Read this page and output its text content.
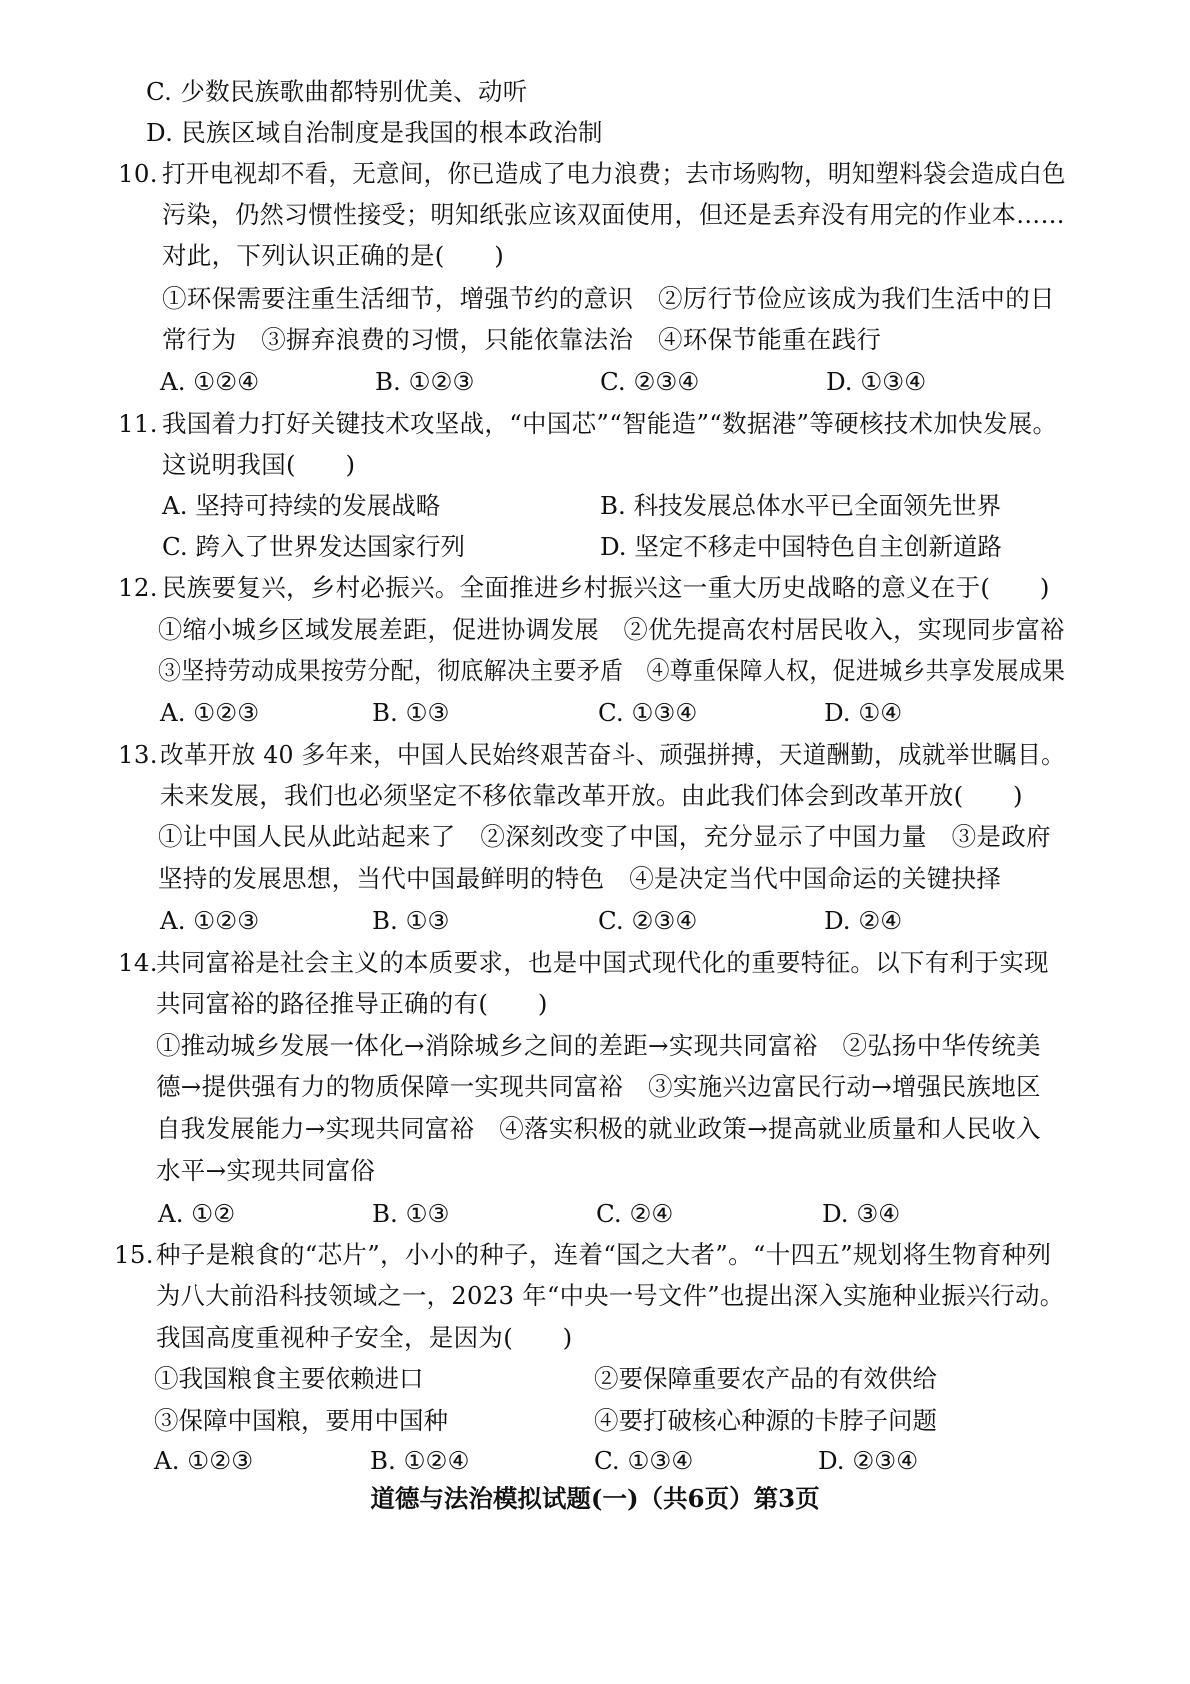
C. 少数民族歌曲都特别优美、动听
D. 民族区域自治制度是我国的根本政治制
10. 打开电视却不看，无意间，你已造成了电力浪费；去市场购物，明知塑料袋会造成白色
污染，仍然习惯性接受；明知纸张应该双面使用，但还是丢弃没有用完的作业本……
对此，下列认识正确的是(　　)
①环保需要注重生活细节，增强节约的意识　②厉行节俭应该成为我们生活中的日
常行为　③摒弃浪费的习惯，只能依靠法治　④环保节能重在践行
A. ①②④	B. ①②③	C. ②③④	D. ①③④
11. 我国着力打好关键技术攻坚战，“中国芯”“智能造”“数据港”等硬核技术加快发展。
这说明我国(　　)
A. 坚持可持续的发展战略	B. 科技发展总体水平已全面领先世界
C. 跨入了世界发达国家行列	D. 坚定不移走中国特色自主创新道路
12. 民族要复兴，乡村必振兴。全面推进乡村振兴这一重大历史战略的意义在于(　　)
①缩小城乡区域发展差距，促进协调发展　②优先提高农村居民收入，实现同步富裕
③坚持劳动成果按劳分配，彻底解决主要矛盾　④尊重保障人权，促进城乡共享发展成果
A. ①②③	B. ①③	C. ①③④	D. ①④
13. 改革开放 40 多年来，中国人民始终艰苦奋斗、顽强拼搏，天道酬勤，成就举世瞩目。
未来发展，我们也必须坚定不移依靠改革开放。由此我们体会到改革开放(　　)
①让中国人民从此站起来了　②深刻改变了中国，充分显示了中国力量　③是政府
坚持的发展思想，当代中国最鲜明的特色　④是决定当代中国命运的关键抉择
A. ①②③	B. ①③	C. ②③④	D. ②④
14.
共同富裕是社会主义的本质要求，也是中国式现代化的重要特征。以下有利于实现
共同富裕的路径推导正确的有(　　)
①推动城乡发展一体化→消除城乡之间的差距→实现共同富裕　②弘扬中华传统美
德→提供强有力的物质保障一实现共同富裕　③实施兴边富民行动→增强民族地区
自我发展能力→实现共同富裕　④落实积极的就业政策→提高就业质量和人民收入
水平→实现共同富俗
A. ①②	B. ①③	C. ②④	D. ③④
15. 种子是粮食的“芯片”，小小的种子，连着“国之大者”。“十四五”规划将生物育种列
为八大前沿科技领域之一，2023 年“中央一号文件”也提出深入实施种业振兴行动。
我国高度重视种子安全，是因为(　　)
①我国粮食主要依赖进口	②要保障重要农产品的有效供给
③保障中国粮，要用中国种	④要打破核心种源的卡脖子问题
A. ①②③	B. ①②④	C. ①③④	D. ②③④
道德与法治模拟试题(一)（共6页）第3页
